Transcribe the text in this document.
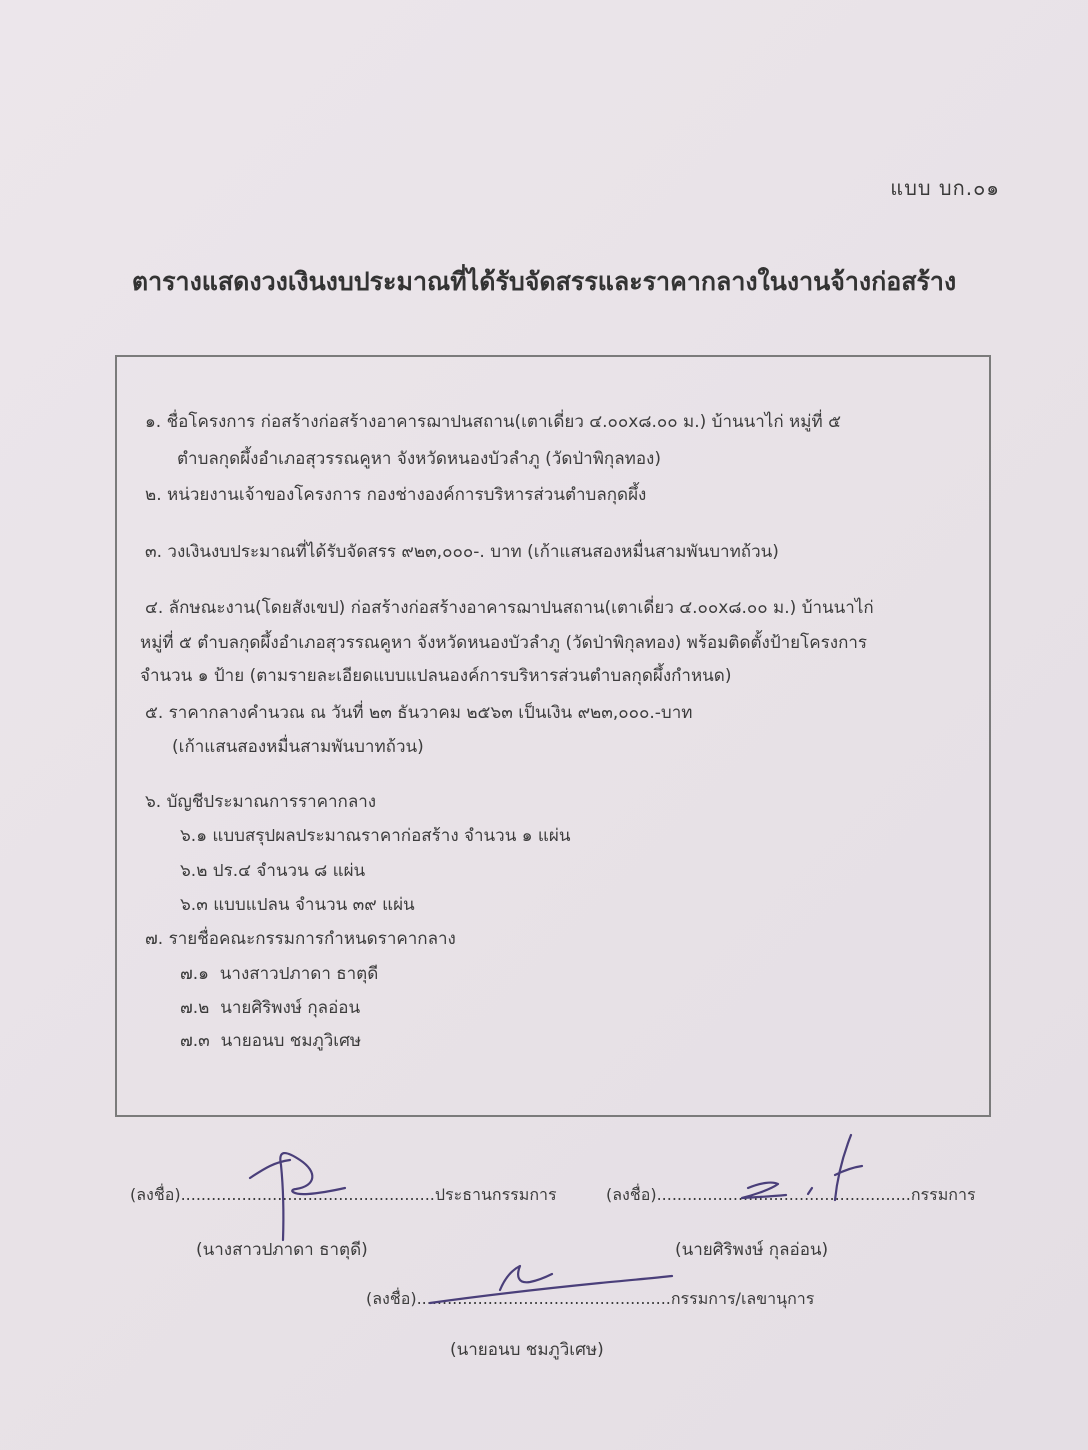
แบบ บก.๐๑
ตารางแสดงวงเงินงบประมาณที่ได้รับจัดสรรและราคากลางในงานจ้างก่อสร้าง
๑. ชื่อโครงการ ก่อสร้างก่อสร้างอาคารฌาปนสถาน(เตาเดี่ยว ๔.๐๐x๘.๐๐ ม.) บ้านนาไก่ หมู่ที่ ๕
ตำบลกุดผึ้งอำเภอสุวรรณคูหา จังหวัดหนองบัวลำภู (วัดป่าพิกุลทอง)
๒. หน่วยงานเจ้าของโครงการ กองช่างองค์การบริหารส่วนตำบลกุดผึ้ง
๓. วงเงินงบประมาณที่ได้รับจัดสรร ๙๒๓,๐๐๐-. บาท (เก้าแสนสองหมื่นสามพันบาทถ้วน)
๔. ลักษณะงาน(โดยสังเขป) ก่อสร้างก่อสร้างอาคารฌาปนสถาน(เตาเดี่ยว ๔.๐๐x๘.๐๐ ม.) บ้านนาไก่
หมู่ที่ ๕ ตำบลกุดผึ้งอำเภอสุวรรณคูหา จังหวัดหนองบัวลำภู (วัดป่าพิกุลทอง) พร้อมติดตั้งป้ายโครงการ
จำนวน ๑ ป้าย (ตามรายละเอียดแบบแปลนองค์การบริหารส่วนตำบลกุดผึ้งกำหนด)
๕. ราคากลางคำนวณ ณ วันที่ ๒๓ ธันวาคม ๒๕๖๓ เป็นเงิน ๙๒๓,๐๐๐.-บาท
(เก้าแสนสองหมื่นสามพันบาทถ้วน)
๖. บัญชีประมาณการราคากลาง
๖.๑ แบบสรุปผลประมาณราคาก่อสร้าง จำนวน ๑ แผ่น
๖.๒ ปร.๔ จำนวน ๘ แผ่น
๖.๓ แบบแปลน จำนวน ๓๙ แผ่น
๗. รายชื่อคณะกรรมการกำหนดราคากลาง
๗.๑ นางสาวปภาดา ธาตุดี
๗.๒ นายศิริพงษ์ กุลอ่อน
๗.๓ นายอนบ ชมภูวิเศษ
(ลงชื่อ)..................................................ประธานกรรมการ
(นางสาวปภาดา ธาตุดี)
(ลงชื่อ)..................................................กรรมการ
(นายศิริพงษ์ กุลอ่อน)
(ลงชื่อ)..................................................กรรมการ/เลขานุการ
(นายอนบ ชมภูวิเศษ)
